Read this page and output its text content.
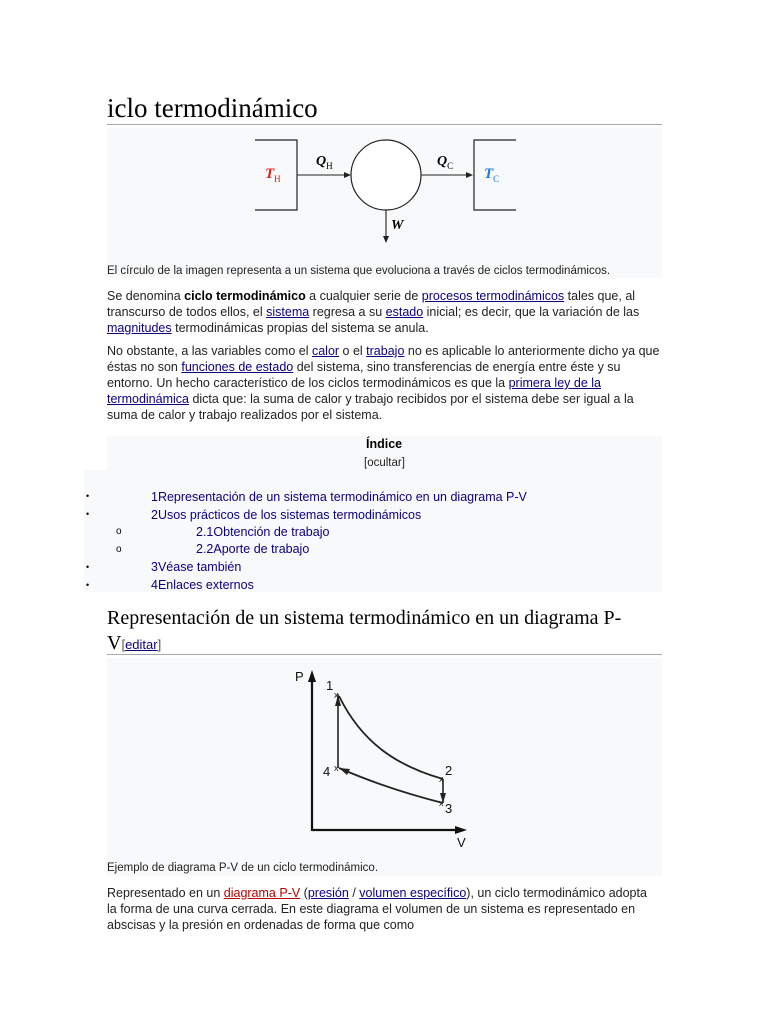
iclo termodinámico
$T_H$
$Q_H$	$Q_C$
$T_C$
W
El círculo de la imagen representa a un sistema que evoluciona a través de ciclos termodinámicos.
Se denomina ciclo termodinámico a cualquier serie de procesos termodinámicos tales que, al transcurso de todos ellos, el sistema regresa a su estado inicial; es decir, que la variación de las magnitudes termodinámicas propias del sistema se anula.
No obstante, a las variables como el calor o el trabajo no es aplicable lo anteriormente dicho ya que éstas no son funciones de estado del sistema, sino transferencias de energía entre éste y su entorno. Un hecho característico de los ciclos termodinámicos es que la primera ley de la termodinámica dicta que: la suma de calor y trabajo recibidos por el sistema debe ser igual a la suma de calor y trabajo realizados por el sistema.
Índice
[ocultar]
•	1Representación de un sistema termodinámico en un diagrama P-V
•	2Usos prácticos de los sistemas termodinámicos
o	2.1Obtención de trabajo
o	2.2Aporte de trabajo
•	3Véase también
•	4Enlaces externos
Representación de un sistema termodinámico en un diagrama P-V[editar]
x
x
x
x
P
V
1
2
3
4
Ejemplo de diagrama P-V de un ciclo termodinámico.
Representado en un diagrama P-V (presión / volumen específico), un ciclo termodinámico adopta la forma de una curva cerrada. En este diagrama el volumen de un sistema es representado en abscisas y la presión en ordenadas de forma que como
